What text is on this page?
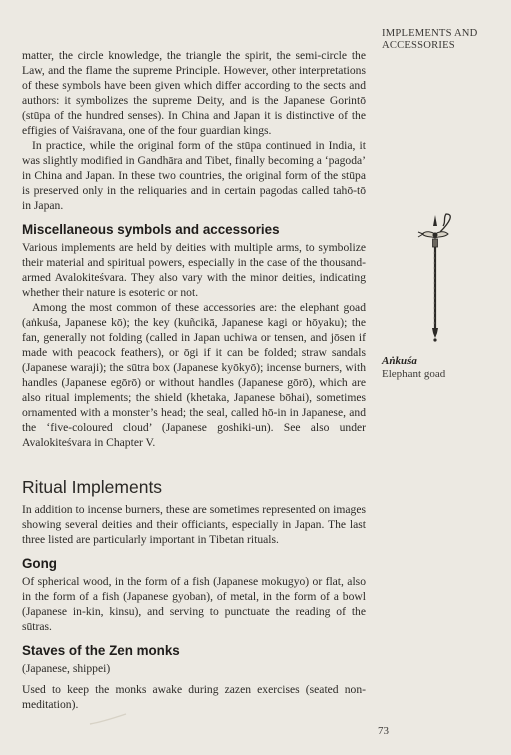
IMPLEMENTS AND
ACCESSORIES

matter, the circle knowledge, the triangle the spirit, the semi-circle the Law, and the flame the supreme Principle. However, other interpretations of these symbols have been given which differ according to the sects and authors: it symbolizes the supreme Deity, and is the Japanese Gorintō (stūpa of the hundred senses). In China and Japan it is distinctive of the effigies of Vaiśravana, one of the four guardian kings.

In practice, while the original form of the stūpa continued in India, it was slightly modified in Gandhāra and Tibet, finally becoming a ‘pagoda’ in China and Japan. In these two countries, the original form of the stūpa is preserved only in the reliquaries and in certain pagodas called tahō-tō in Japan.

Miscellaneous symbols and accessories

Various implements are held by deities with multiple arms, to symbolize their material and spiritual powers, especially in the case of the thousand-armed Avalokiteśvara. They also vary with the minor deities, indicating whether their nature is esoteric or not.

Among the most common of these accessories are: the elephant goad (aṅkuśa, Japanese kō); the key (kuñcikā, Japanese kagi or hōyaku); the fan, generally not folding (called in Japan uchiwa or tensen, and jōsen if made with peacock feathers), or ōgi if it can be folded; straw sandals (Japanese waraji); the sūtra box (Japanese kyōkyō); incense burners, with handles (Japanese egōrō) or without handles (Japanese gōrō), which are also ritual implements; the shield (khetaka, Japanese bōhai), sometimes ornamented with a monster’s head; the seal, called hō-in in Japanese, and the ‘five-coloured cloud’ (Japanese goshiki-un). See also under Avalokiteśvara in Chapter V.

Ritual Implements

In addition to incense burners, these are sometimes represented on images showing several deities and their officiants, especially in Japan. The last three listed are particularly important in Tibetan rituals.

Gong

Of spherical wood, in the form of a fish (Japanese mokugyo) or flat, also in the form of a fish (Japanese gyoban), of metal, in the form of a bowl (Japanese in-kin, kinsu), and serving to punctuate the reading of the sūtras.

Staves of the Zen monks

(Japanese, shippei)

Used to keep the monks awake during zazen exercises (seated non-meditation).

Aṅkuśa
Elephant goad
73
